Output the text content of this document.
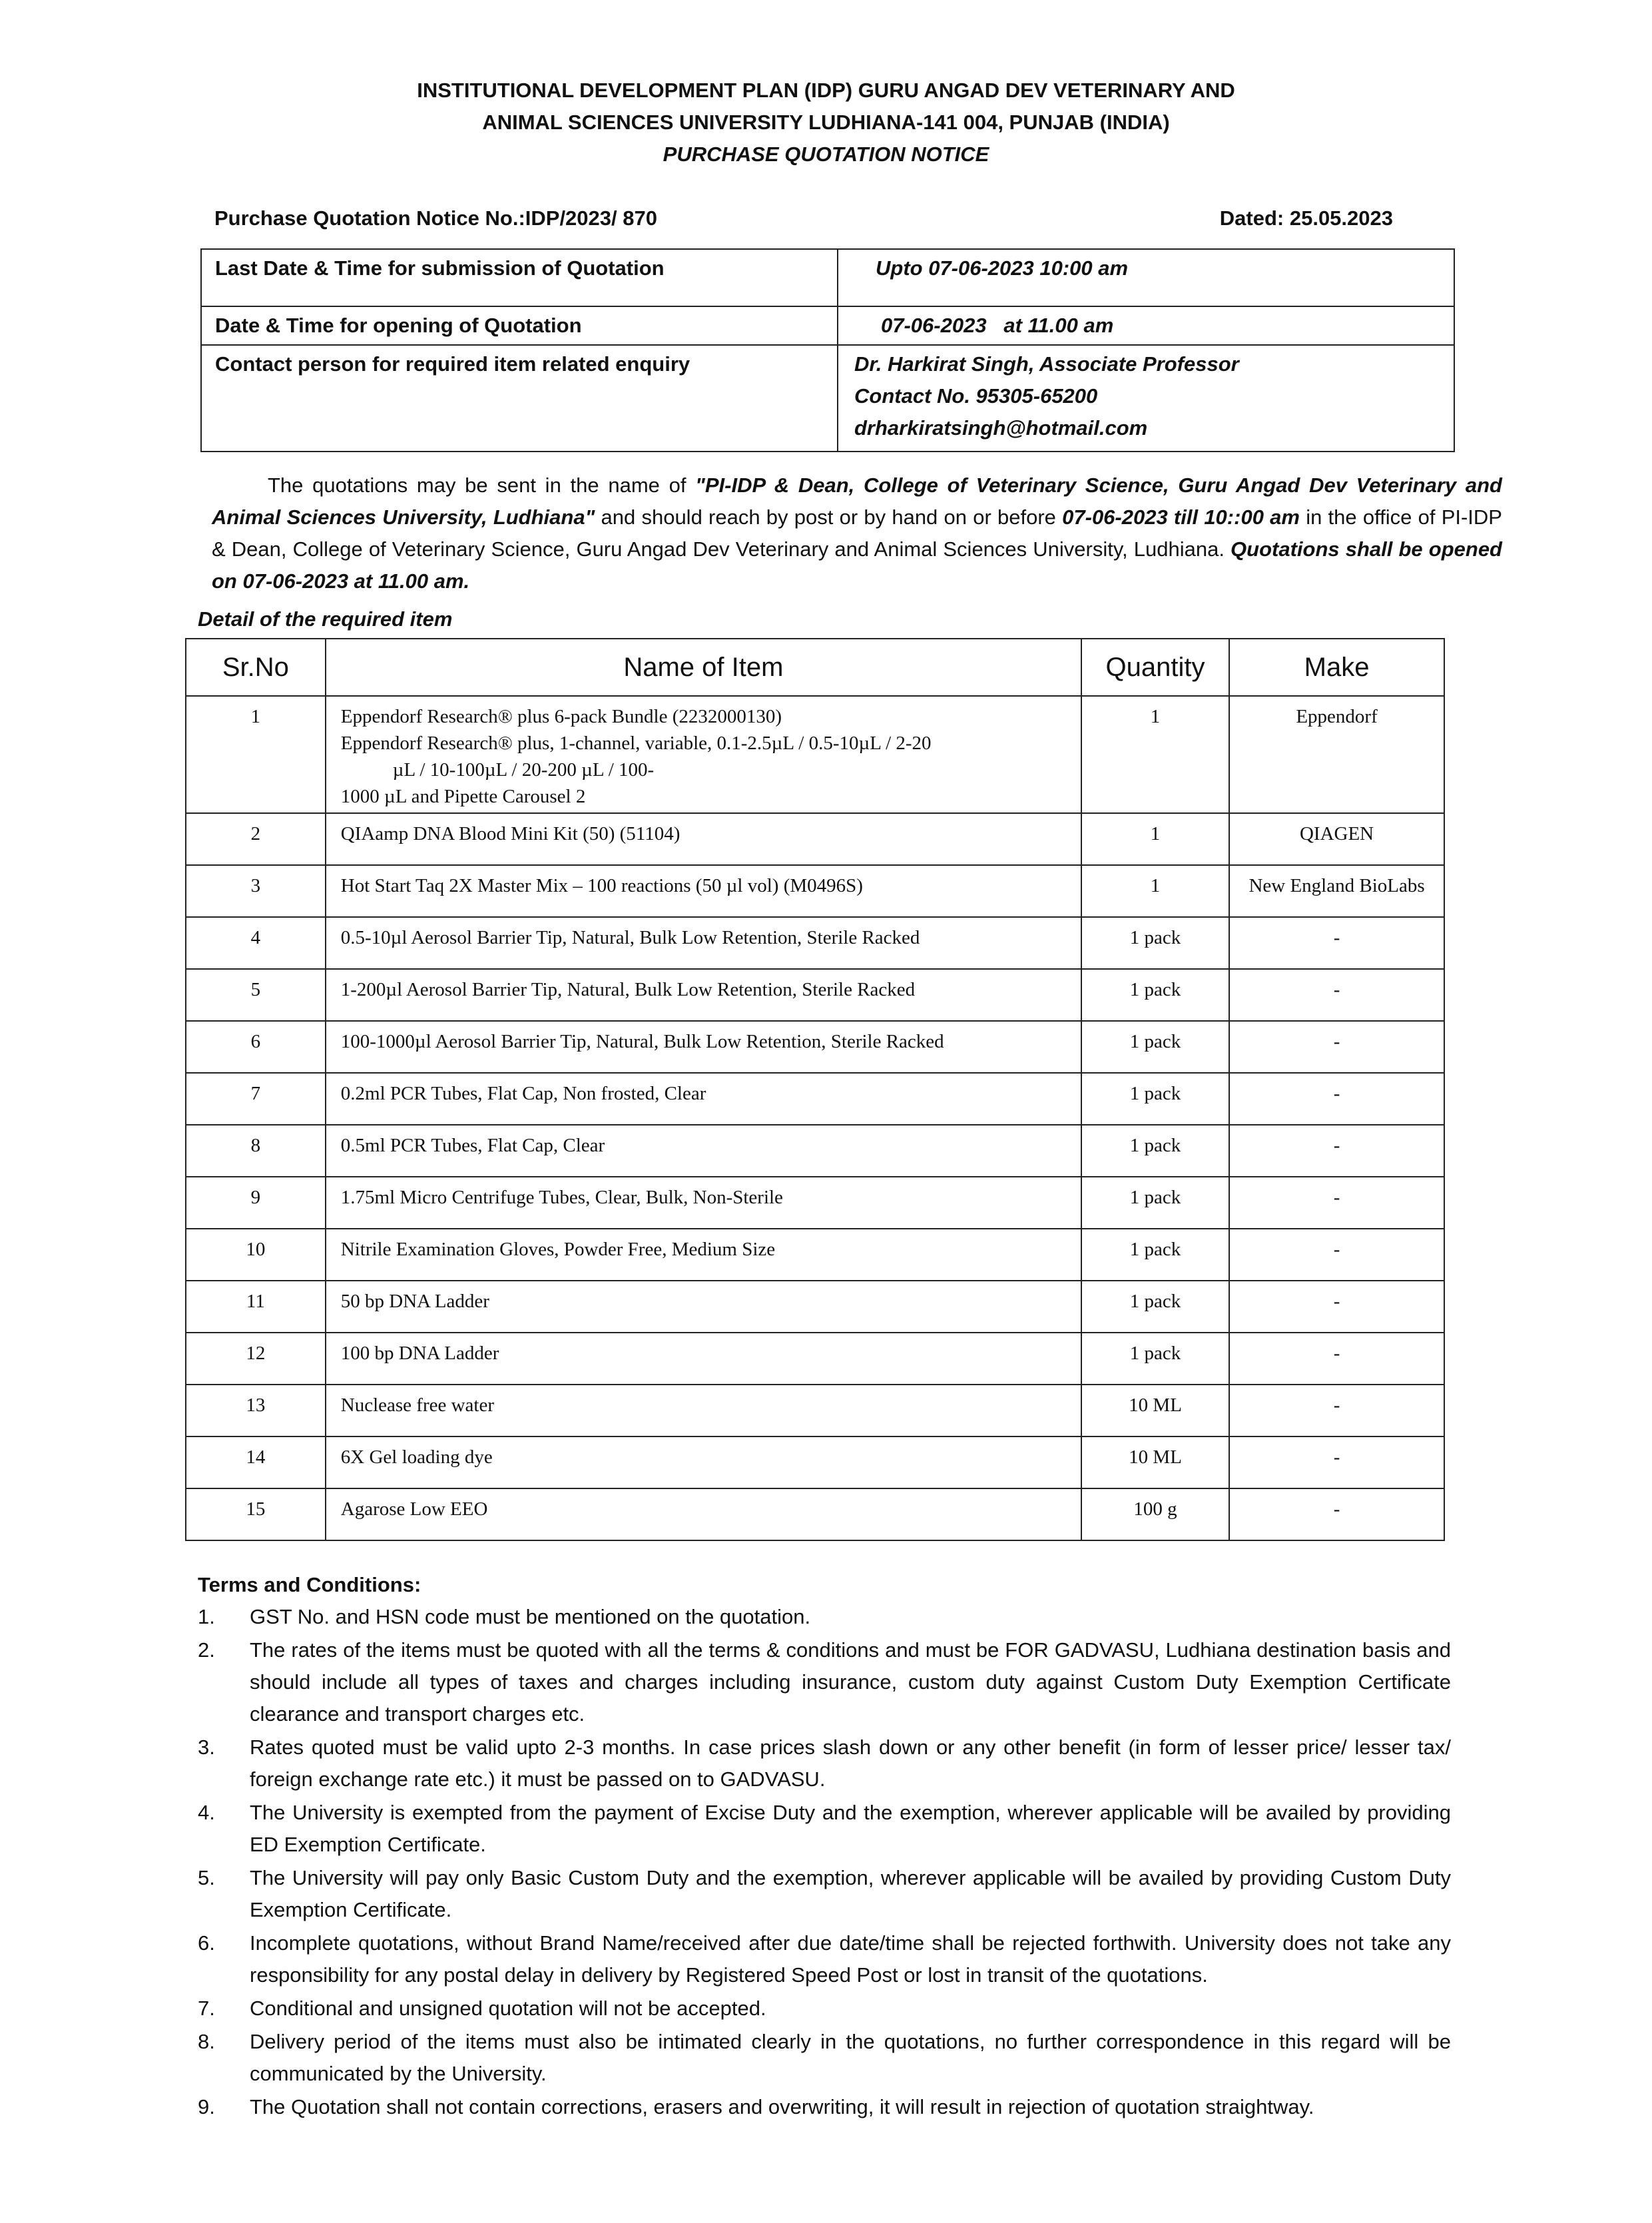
INSTITUTIONAL DEVELOPMENT PLAN (IDP) GURU ANGAD DEV VETERINARY AND
ANIMAL SCIENCES UNIVERSITY LUDHIANA-141 004, PUNJAB (INDIA)
PURCHASE QUOTATION NOTICE
Purchase Quotation Notice No.:IDP/2023/ 870	Dated: 25.05.2023
Last Date & Time for submission of Quotation	Upto 07-06-2023 10:00 am
Date & Time for opening of Quotation	07-06-2023   at 11.00 am
Contact person for required item related enquiry	Dr. Harkirat Singh, Associate Professor
Contact No. 95305-65200
drharkiratsingh@hotmail.com
The quotations may be sent in the name of "PI-IDP & Dean, College of Veterinary Science, Guru Angad Dev Veterinary and Animal Sciences University, Ludhiana" and should reach by post or by hand on or before 07-06-2023 till 10::00 am in the office of PI-IDP & Dean, College of Veterinary Science, Guru Angad Dev Veterinary and Animal Sciences University, Ludhiana. Quotations shall be opened on 07-06-2023 at 11.00 am.
Detail of the required item
Sr.No	Name of Item	Quantity	Make
1	Eppendorf Research® plus 6-pack Bundle (2232000130)
Eppendorf Research® plus, 1-channel, variable, 0.1-2.5µL / 0.5-10µL / 2-20
µL / 10-100µL / 20-200 µL / 100-
1000 µL and Pipette Carousel 2	1	Eppendorf
2	QIAamp DNA Blood Mini Kit (50) (51104)	1	QIAGEN
3	Hot Start Taq 2X Master Mix – 100 reactions (50 µl vol) (M0496S)	1	New England BioLabs
4	0.5-10µl Aerosol Barrier Tip, Natural, Bulk Low Retention, Sterile Racked	1 pack	-
5	1-200µl Aerosol Barrier Tip, Natural, Bulk Low Retention, Sterile Racked	1 pack	-
6	100-1000µl Aerosol Barrier Tip, Natural, Bulk Low Retention, Sterile Racked	1 pack	-
7	0.2ml PCR Tubes, Flat Cap, Non frosted, Clear	1 pack	-
8	0.5ml PCR Tubes, Flat Cap, Clear	1 pack	-
9	1.75ml Micro Centrifuge Tubes, Clear, Bulk, Non-Sterile	1 pack	-
10	Nitrile Examination Gloves, Powder Free, Medium Size	1 pack	-
11	50 bp DNA Ladder	1 pack	-
12	100 bp DNA Ladder	1 pack	-
13	Nuclease free water	10 ML	-
14	6X Gel loading dye	10 ML	-
15	Agarose Low EEO	100 g	-
Terms and Conditions:
1. GST No. and HSN code must be mentioned on the quotation.
2. The rates of the items must be quoted with all the terms & conditions and must be FOR GADVASU, Ludhiana destination basis and should include all types of taxes and charges including insurance, custom duty against Custom Duty Exemption Certificate clearance and transport charges etc.
3. Rates quoted must be valid upto 2-3 months. In case prices slash down or any other benefit (in form of lesser price/ lesser tax/ foreign exchange rate etc.) it must be passed on to GADVASU.
4. The University is exempted from the payment of Excise Duty and the exemption, wherever applicable will be availed by providing ED Exemption Certificate.
5. The University will pay only Basic Custom Duty and the exemption, wherever applicable will be availed by providing Custom Duty Exemption Certificate.
6. Incomplete quotations, without Brand Name/received after due date/time shall be rejected forthwith. University does not take any responsibility for any postal delay in delivery by Registered Speed Post or lost in transit of the quotations.
7. Conditional and unsigned quotation will not be accepted.
8. Delivery period of the items must also be intimated clearly in the quotations, no further correspondence in this regard will be communicated by the University.
9. The Quotation shall not contain corrections, erasers and overwriting, it will result in rejection of quotation straightway.
